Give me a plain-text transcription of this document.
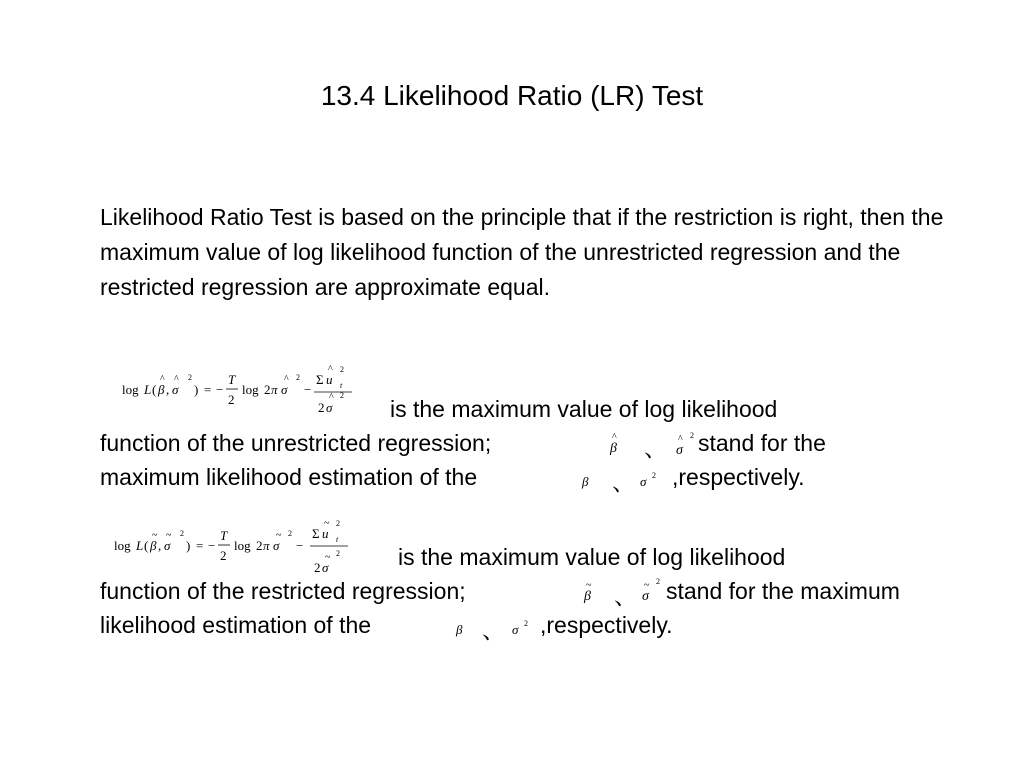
13.4 Likelihood Ratio (LR) Test
Likelihood Ratio Test is based on the principle that if the restriction is right, then the maximum value of log likelihood function of the unrestricted regression and the restricted regression are approximate equal.
log L ( β
^
, σ
^ 2
) = −
T
2
log 2 π σ
^ 2
−
Σ u
^ 2
t
2 σ
^ 2
is the maximum value of log likelihood
function of the unrestricted regression;	β
^ 、 σ
^ 2 stand for the
maximum likelihood estimation of the	β 、 σ 2 ,respectively.
log L ( β
~
, σ
~ 2
) = −
T
2
log 2 π σ
~ 2
−
Σ u
~ 2
t
2 σ
~ 2	is the maximum value of log likelihood
function of the restricted regression;	β
~ 、 σ
~ 2 stand for the maximum
likelihood estimation of the	β 、 σ 2 ,respectively.
